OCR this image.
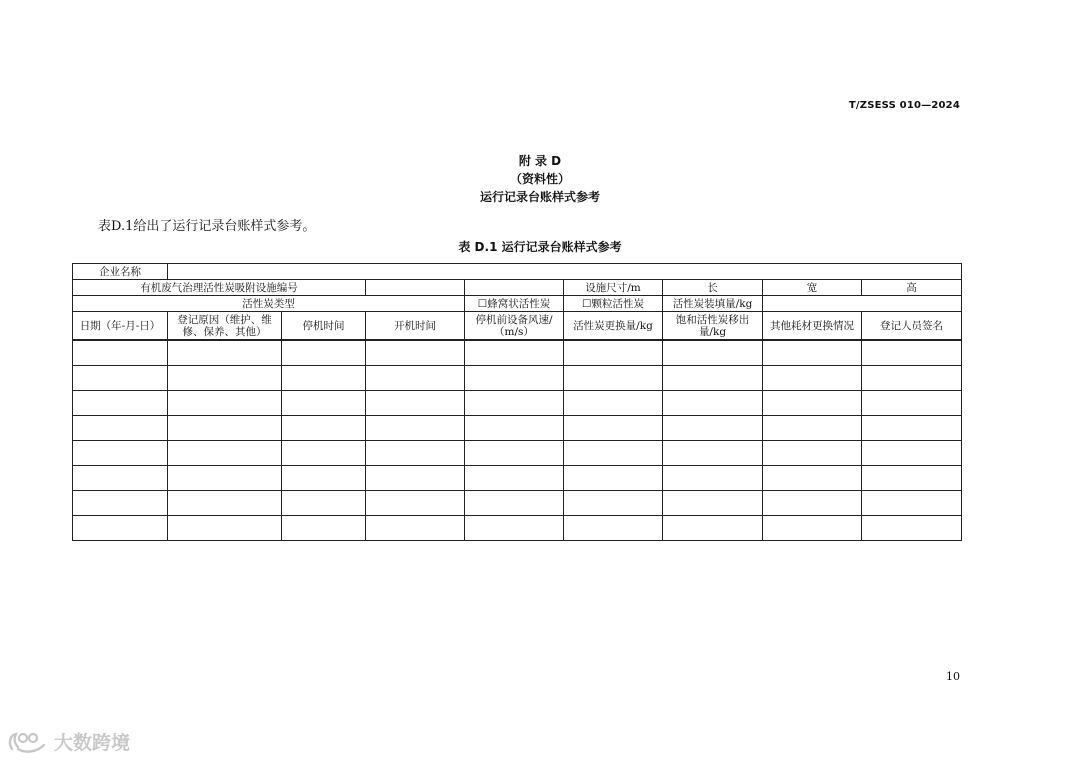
T/ZSESS 010—2024
附 录 D
（资料性）
运行记录台账样式参考
表D.1给出了运行记录台账样式参考。
表 D.1 运行记录台账样式参考
企业名称								
有机废气治理活性炭吸附设施编号					设施尺寸/m	长	宽	高
活性炭类型				☐蜂窝状活性炭	☐颗粒活性炭	活性炭装填量/kg		
日期（年-月-日）	登记原因（维护、维修、保养、其他）	停机时间	开机时间	停机前设备风速/（m/s）	活性炭更换量/kg	饱和活性炭移出量/kg	其他耗材更换情况	登记人员签名

10
大数跨境
